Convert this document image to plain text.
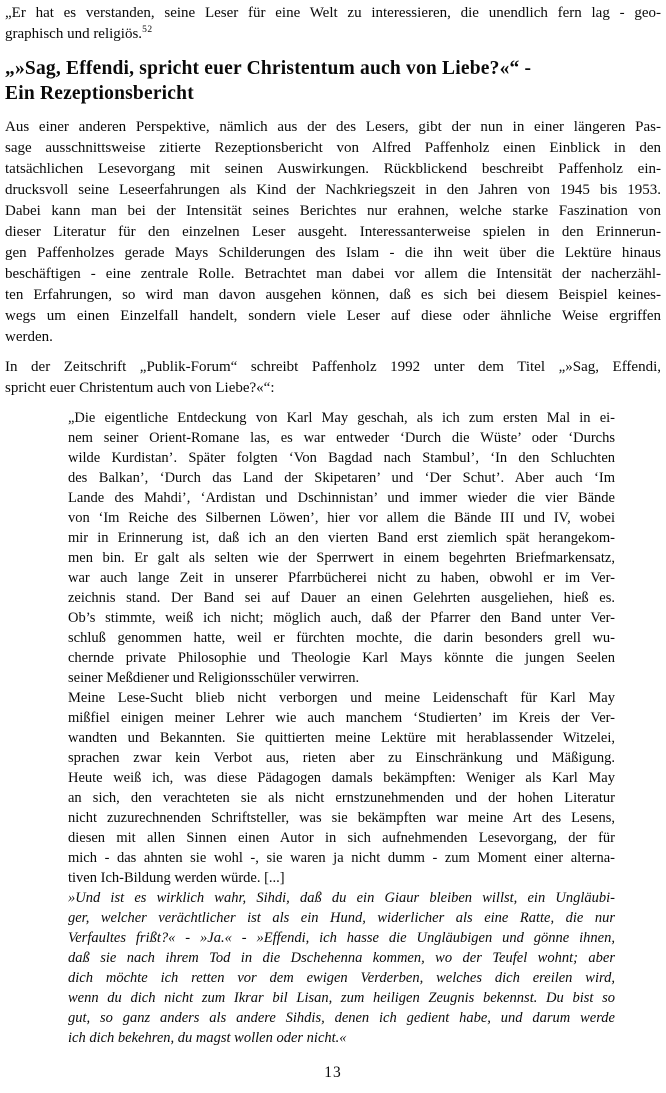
„Er hat es verstanden, seine Leser für eine Welt zu interessieren, die unendlich fern lag - geo-
graphisch und religiös.$^{52}$
„»Sag, Effendi, spricht euer Christentum auch von Liebe?«“ -
Ein Rezeptionsbericht
Aus einer anderen Perspektive, nämlich aus der des Lesers, gibt der nun in einer längeren Pas-
sage ausschnittsweise zitierte Rezeptionsbericht von Alfred Paffenholz einen Einblick in den
tatsächlichen Lesevorgang mit seinen Auswirkungen. Rückblickend beschreibt Paffenholz ein-
drucksvoll seine Leseerfahrungen als Kind der Nachkriegszeit in den Jahren von 1945 bis 1953.
Dabei kann man bei der Intensität seines Berichtes nur erahnen, welche starke Faszination von
dieser Literatur für den einzelnen Leser ausgeht. Interessanterweise spielen in den Erinnerun-
gen Paffenholzes gerade Mays Schilderungen des Islam - die ihn weit über die Lektüre hinaus
beschäftigen - eine zentrale Rolle. Betrachtet man dabei vor allem die Intensität der nacherzähl-
ten Erfahrungen, so wird man davon ausgehen können, daß es sich bei diesem Beispiel keines-
wegs um einen Einzelfall handelt, sondern viele Leser auf diese oder ähnliche Weise ergriffen
werden.
In der Zeitschrift „Publik-Forum“ schreibt Paffenholz 1992 unter dem Titel „»Sag, Effendi,
spricht euer Christentum auch von Liebe?«“:
„Die eigentliche Entdeckung von Karl May geschah, als ich zum ersten Mal in ei-
nem seiner Orient-Romane las, es war entweder ‘Durch die Wüste’ oder ‘Durchs
wilde Kurdistan’. Später folgten ‘Von Bagdad nach Stambul’, ‘In den Schluchten
des Balkan’, ‘Durch das Land der Skipetaren’ und ‘Der Schut’. Aber auch ‘Im
Lande des Mahdi’, ‘Ardistan und Dschinnistan’ und immer wieder die vier Bände
von ‘Im Reiche des Silbernen Löwen’, hier vor allem die Bände III und IV, wobei
mir in Erinnerung ist, daß ich an den vierten Band erst ziemlich spät herangekom-
men bin. Er galt als selten wie der Sperrwert in einem begehrten Briefmarkensatz,
war auch lange Zeit in unserer Pfarrbücherei nicht zu haben, obwohl er im Ver-
zeichnis stand. Der Band sei auf Dauer an einen Gelehrten ausgeliehen, hieß es.
Ob’s stimmte, weiß ich nicht; möglich auch, daß der Pfarrer den Band unter Ver-
schluß genommen hatte, weil er fürchten mochte, die darin besonders grell wu-
chernde private Philosophie und Theologie Karl Mays könnte die jungen Seelen
seiner Meßdiener und Religionsschüler verwirren.
Meine Lese-Sucht blieb nicht verborgen und meine Leidenschaft für Karl May
mißfiel einigen meiner Lehrer wie auch manchem ‘Studierten’ im Kreis der Ver-
wandten und Bekannten. Sie quittierten meine Lektüre mit herablassender Witzelei,
sprachen zwar kein Verbot aus, rieten aber zu Einschränkung und Mäßigung.
Heute weiß ich, was diese Pädagogen damals bekämpften: Weniger als Karl May
an sich, den verachteten sie als nicht ernstzunehmenden und der hohen Literatur
nicht zuzurechnenden Schriftsteller, was sie bekämpften war meine Art des Lesens,
diesen mit allen Sinnen einen Autor in sich aufnehmenden Lesevorgang, der für
mich - das ahnten sie wohl -, sie waren ja nicht dumm - zum Moment einer alterna-
tiven Ich-Bildung werden würde. [...]
»Und ist es wirklich wahr, Sihdi, daß du ein Giaur bleiben willst, ein Ungläubi-
ger, welcher verächtlicher ist als ein Hund, widerlicher als eine Ratte, die nur
Verfaultes frißt?« - »Ja.« - »Effendi, ich hasse die Ungläubigen und gönne ihnen,
daß sie nach ihrem Tod in die Dschehenna kommen, wo der Teufel wohnt; aber
dich möchte ich retten vor dem ewigen Verderben, welches dich ereilen wird,
wenn du dich nicht zum Ikrar bil Lisan, zum heiligen Zeugnis bekennst. Du bist so
gut, so ganz anders als andere Sihdis, denen ich gedient habe, und darum werde
ich dich bekehren, du magst wollen oder nicht.«
13
